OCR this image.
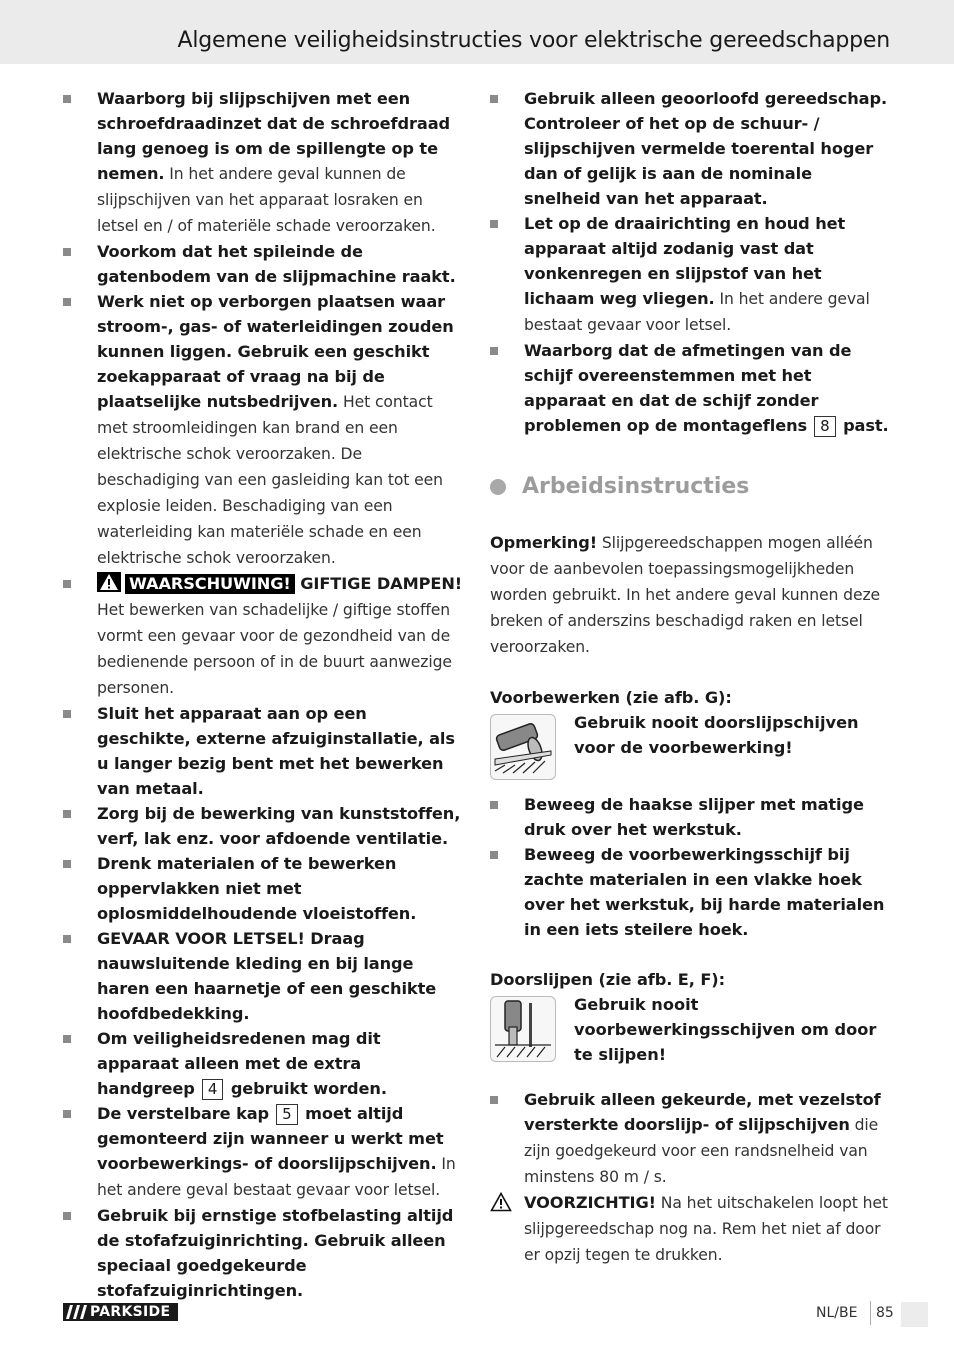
Algemene veiligheidsinstructies voor elektrische gereedschappen
Waarborg bij slijpschijven met een schroefdraadinzet dat de schroefdraad lang genoeg is om de spillengte op te nemen. In het andere geval kunnen de slijpschijven van het apparaat losraken en letsel en / of materiële schade veroorzaken.
Voorkom dat het spileinde de gatenbodem van de slijpmachine raakt.
Werk niet op verborgen plaatsen waar stroom-, gas- of waterleidingen zouden kunnen liggen. Gebruik een geschikt zoekapparaat of vraag na bij de plaatselijke nutsbedrijven. Het contact met stroomleidingen kan brand en een elektrische schok veroorzaken. De beschadiging van een gasleiding kan tot een explosie leiden. Beschadiging van een waterleiding kan materiële schade en een elektrische schok veroorzaken.
WAARSCHUWING! GIFTIGE DAMPEN! Het bewerken van schadelijke / giftige stoffen vormt een gevaar voor de gezondheid van de bedienende persoon of in de buurt aanwezige personen.
Sluit het apparaat aan op een geschikte, externe afzuiginstallatie, als u langer bezig bent met het bewerken van metaal.
Zorg bij de bewerking van kunststoffen, verf, lak enz. voor afdoende ventilatie.
Drenk materialen of te bewerken oppervlakken niet met oplosmiddelhoudende vloeistoffen.
GEVAAR VOOR LETSEL! Draag nauwsluitende kleding en bij lange haren een haarnetje of een geschikte hoofdbedekking.
Om veiligheidsredenen mag dit apparaat alleen met de extra handgreep 4 gebruikt worden.
De verstelbare kap 5 moet altijd gemonteerd zijn wanneer u werkt met voorbewerkings- of doorslijpschijven. In het andere geval bestaat gevaar voor letsel.
Gebruik bij ernstige stofbelasting altijd de stofafzuiginrichting. Gebruik alleen speciaal goedgekeurde stofafzuiginrichtingen.
Gebruik alleen geoorloofd gereedschap. Controleer of het op de schuur- / slijpschijven vermelde toerental hoger dan of gelijk is aan de nominale snelheid van het apparaat.
Let op de draairichting en houd het apparaat altijd zodanig vast dat vonkenregen en slijpstof van het lichaam weg vliegen. In het andere geval bestaat gevaar voor letsel.
Waarborg dat de afmetingen van de schijf overeenstemmen met het apparaat en dat de schijf zonder problemen op de montageflens 8 past.
Arbeidsinstructies
Opmerking! Slijpgereedschappen mogen alléén voor de aanbevolen toepassingsmogelijkheden worden gebruikt. In het andere geval kunnen deze breken of anderszins beschadigd raken en letsel veroorzaken.
Voorbewerken (zie afb. G):
Gebruik nooit doorslijpschijven voor de voorbewerking!
Beweeg de haakse slijper met matige druk over het werkstuk.
Beweeg de voorbewerkingsschijf bij zachte materialen in een vlakke hoek over het werkstuk, bij harde materialen in een iets steilere hoek.
Doorslijpen (zie afb. E, F):
Gebruik nooit voorbewerkingsschijven om door te slijpen!
Gebruik alleen gekeurde, met vezelstof versterkte doorslijp- of slijpschijven die zijn goedgekeurd voor een randsnelheid van minstens 80 m / s.
VOORZICHTIG! Na het uitschakelen loopt het slijpgereedschap nog na. Rem het niet af door er opzij tegen te drukken.
PARKSIDE	NL/BE 85
